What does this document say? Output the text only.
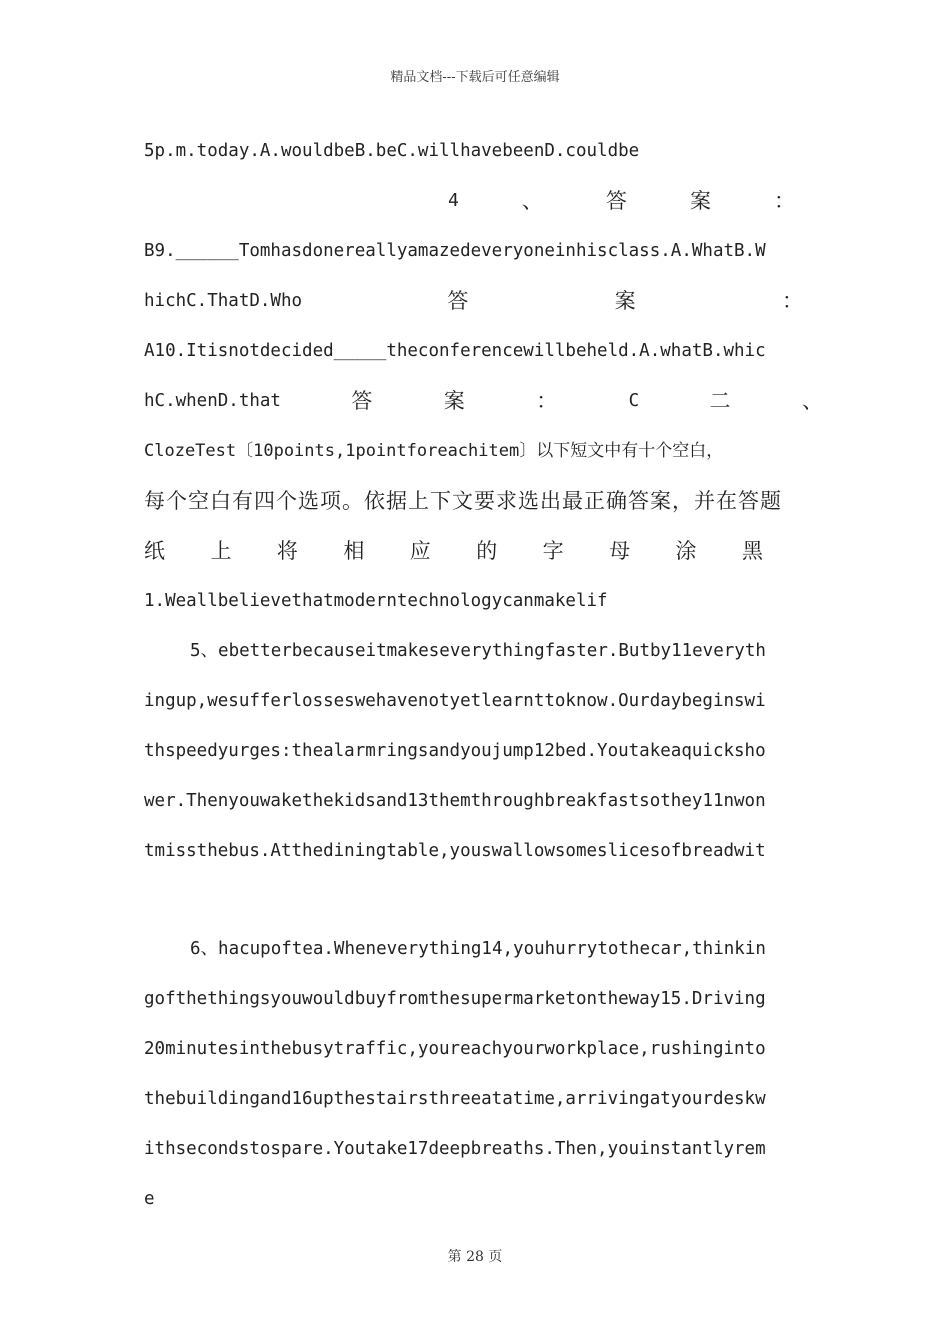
精品文档---下载后可任意编辑
5p.m.today.A.wouldbeB.beC.willhavebeenD.couldbe
4	、	答	案	：
B9.______Tomhasdonereallyamazedeveryoneinhisclass.A.WhatB.W
hichC.ThatD.Who	答	案	：
A10.Itisnotdecided_____theconferencewillbeheld.A.whatB.whic
hC.whenD.that	答	案	：	C	二	、
ClozeTest〔10points,1pointforeachitem〕以下短文中有十个空白，
每个空白有四个选项。依据上下文要求选出最正确答案，并在答题
纸 上 将 相 应 的 字 母 涂 黑
1.Weallbelievethatmoderntechnologycanmakelif
5、ebetterbecauseitmakeseverythingfaster.Butby11everyth
ingup,wesufferlosseswehavenotyetlearnttoknow.Ourdaybeginswi
thspeedyurges:thealarmringsandyoujump12bed.Youtakeaquicksho
wer.Thenyouwakethekidsand13themthroughbreakfastsothey11nwon
tmissthebus.Atthediningtable,youswallowsomeslicesofbreadwit
6、hacupoftea.Wheneverything14,youhurrytothecar,thinkin
gofthethingsyouwouldbuyfromthesupermarketontheway15.Driving
20minutesinthebusytraffic,youreachyourworkplace,rushinginto
thebuildingand16upthestairsthreeatatime,arrivingatyourdeskw
ithsecondstospare.Youtake17deepbreaths.Then,youinstantlyrem
e
第 28 页
